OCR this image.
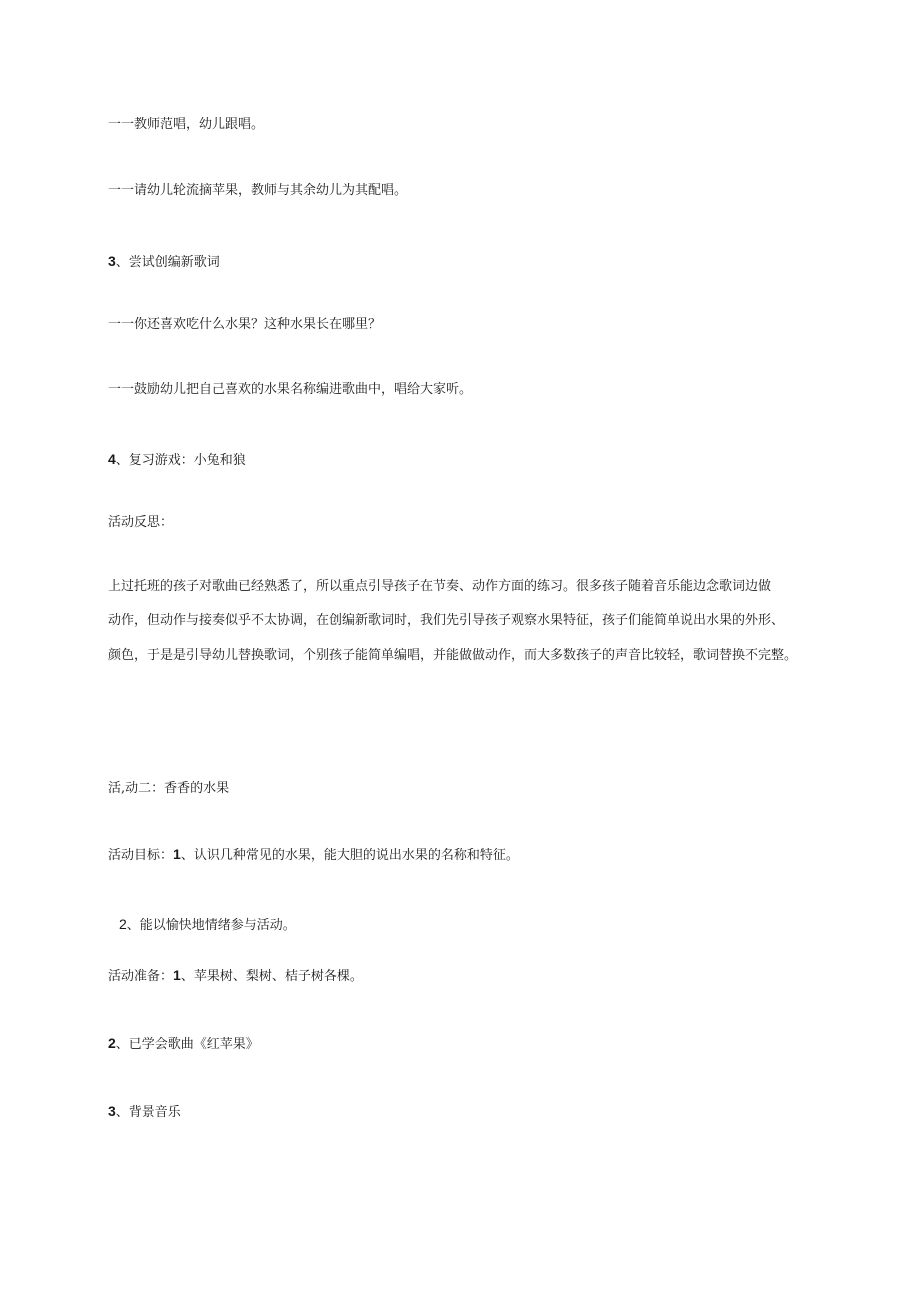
一一教师范唱，幼儿跟唱。
一一请幼儿轮流摘苹果，教师与其余幼儿为其配唱。
3、尝试创编新歌词
一一你还喜欢吃什么水果？这种水果长在哪里？
一一鼓励幼儿把自己喜欢的水果名称编进歌曲中，唱给大家听。
4、复习游戏：小兔和狼
活动反思：
上过托班的孩子对歌曲已经熟悉了，所以重点引导孩子在节奏、动作方面的练习。很多孩子随着音乐能边念歌词边做
动作，但动作与接奏似乎不太协调，在创编新歌词时，我们先引导孩子观察水果特征，孩子们能简单说出水果的外形、
颜色，于是是引导幼儿替换歌词，个别孩子能简单编唱，并能做做动作，而大多数孩子的声音比较轻，歌词替换不完整。
活,动二：香香的水果
活动目标：1、认识几种常见的水果，能大胆的说出水果的名称和特征。
2、能以愉快地情绪参与活动。
活动准备：1、苹果树、梨树、桔子树各棵。
2、已学会歌曲《红苹果》
3、背景音乐
